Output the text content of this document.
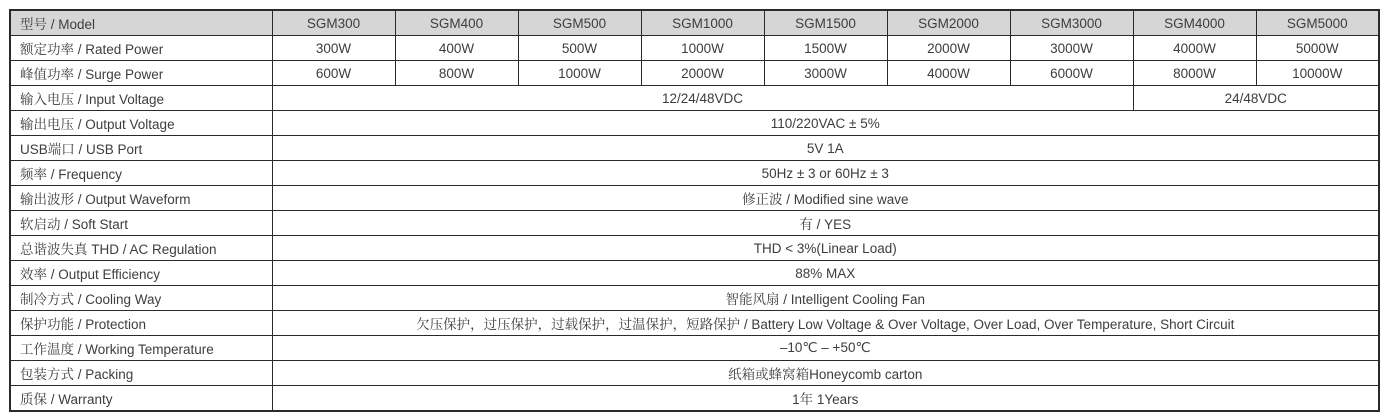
型号 / Model	SGM300	SGM400	SGM500	SGM1000	SGM1500	SGM2000	SGM3000	SGM4000	SGM5000
额定功率 / Rated Power	300W	400W	500W	1000W	1500W	2000W	3000W	4000W	5000W
峰值功率 / Surge Power	600W	800W	1000W	2000W	3000W	4000W	6000W	8000W	10000W
输入电压 / Input Voltage	12/24/48VDC							24/48VDC	
输出电压 / Output Voltage	110/220VAC ± 5%								
USB端口 / USB Port	5V 1A								
频率 / Frequency	50Hz ± 3 or 60Hz ± 3								
输出波形 / Output Waveform	修正波 / Modified sine wave								
软启动 / Soft Start	有 / YES								
总谐波失真 THD / AC Regulation	THD < 3%(Linear Load)								
效率 / Output Efficiency	88% MAX								
制冷方式 / Cooling Way	智能风扇 / Intelligent Cooling Fan								
保护功能 / Protection	欠压保护，过压保护，过载保护，过温保护，短路保护 / Battery Low Voltage & Over Voltage, Over Load, Over Temperature, Short Circuit								
工作温度 / Working Temperature	–10℃ – +50℃								
包装方式 / Packing	纸箱或蜂窝箱Honeycomb carton								
质保 / Warranty	1年 1Years								
